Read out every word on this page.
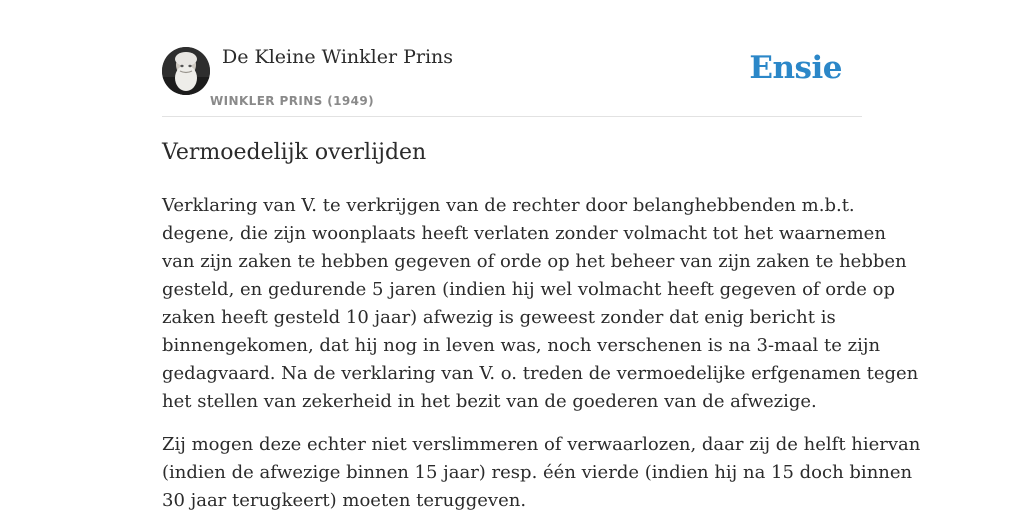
De Kleine Winkler Prins
WINKLER PRINS (1949)
Ensie
Vermoedelijk overlijden

Verklaring van V. te verkrijgen van de rechter door belanghebbenden m.b.t.
degene, die zijn woonplaats heeft verlaten zonder volmacht tot het waarnemen
van zijn zaken te hebben gegeven of orde op het beheer van zijn zaken te hebben
gesteld, en gedurende 5 jaren (indien hij wel volmacht heeft gegeven of orde op
zaken heeft gesteld 10 jaar) afwezig is geweest zonder dat enig bericht is
binnengekomen, dat hij nog in leven was, noch verschenen is na 3-maal te zijn
gedagvaard. Na de verklaring van V. o. treden de vermoedelijke erfgenamen tegen
het stellen van zekerheid in het bezit van de goederen van de afwezige.

Zij mogen deze echter niet verslimmeren of verwaarlozen, daar zij de helft hiervan
(indien de afwezige binnen 15 jaar) resp. één vierde (indien hij na 15 doch binnen
30 jaar terugkeert) moeten teruggeven.
